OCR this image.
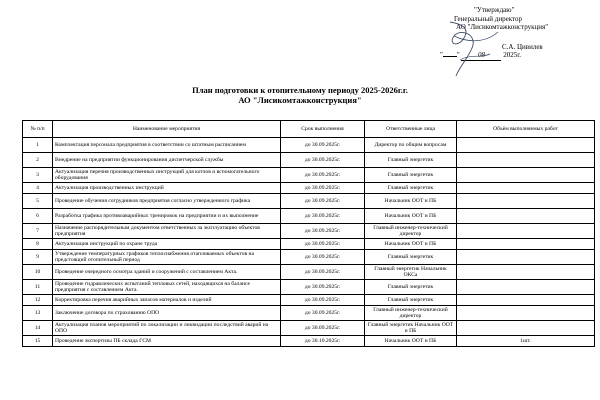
"Утверждаю"
Генеральный директор
АО "Лисикомтажконструкция"
С.А. Цивилев
" " 08	2025г.
План подготовки к отопительному периоду 2025-2026г.г.
АО "Лисикомтажконструкция"
№ п/п	Наименование мероприятия	Срок выполнения	Ответственные лица	Объём выполняемых работ
1	Комплектация персонала предприятия в соответствии со штатным расписанием	до 30.09.2025г.	Директор по общим вопросам	
2	Внедрение на предприятии функционирования диспетчерской службы	до 30.09.2025г.	Главный энергетик	
3	Актуализация перечня производственных инструкций для котлов и вспомогательного оборудования	до 30.09.2025г.	Главный энергетик	
4	Актуализация производственных инструкций	до 30.09.2025г.	Главный энергетик	
5	Проведение обучения сотрудников предприятия согласно утвержденного графика	до 30.09.2025г.	Начальник ООТ и ПБ	
6	Разработка графика противоаварийных тренировок на предприятии и их выполнение	до 30.09.2025г.	Начальник ООТ и ПБ	
7	Назначение распорядительным документом ответственных за эксплуатацию объектов предприятия	до 30.09.2025г.	Главный инженер-технический директор	
8	Актуализация инструкций по охране труда	до 30.09.2025г.	Начальник ООТ и ПБ	
9	Утверждение температурных графиков теплоснабжения отапливаемых объектов на предстоящий отопительный период	до 30.09.2025г.	Главный энергетик	
10	Проведение очередного осмотра зданий и сооружений с составлением Акта.	до 30.09.2025г.	Главный энергетик Начальник ОКСа	
11	Проведение гидравлических испытаний тепловых сетей, находящихся на балансе предприятия с составлением Акта.	до 30.09.2025г.	Главный энергетик	
12	Корректировка перечня аварийных запасов материалов и изделий	до 30.09.2025г.	Главный энергетик	
13	Заключение договора по страхованию ОПО	до 30.09.2025г.	Главный инженер-технический директор	
14	Актуализация планов мероприятий по локализации и ликвидации последствий аварий на ОПО	до 30.09.2025г.	Главный энергетик Начальник ООТ и ПБ	
15	Проведение экспертизы ПБ склада ГСМ	до 30.10.2025г.	Начальник ООТ и ПБ	1шт.
